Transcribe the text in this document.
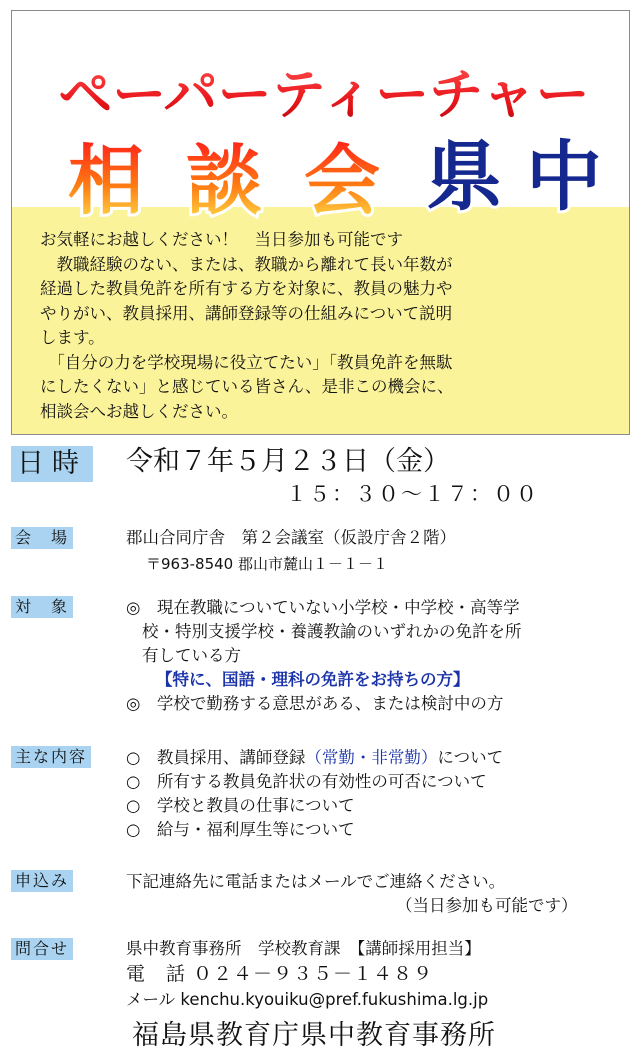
ペーパーティーチャー
相 談 会 県 中

お気軽にお越しください！　当日参加も可能です

　教職経験のない、または、教職から離れて長い年数が

経過した教員免許を所有する方を対象に、教員の魅力や

やりがい、教員採用、講師登録等の仕組みについて説明

します。

　「自分の力を学校現場に役立てたい」「教員免許を無駄

にしたくない」と感じている皆さん、是非この機会に、

相談会へお越しください。

日時 令和７年５月２３日（金）
１５：３０～１７：００
会　場	郡山合同庁舎　第２会議室（仮設庁舎２階）
〒963-8540 郡山市麓山１－１－１
対　象	◎　現在教職についていない小学校・中学校・高等学

校・特別支援学校・養護教諭のいずれかの免許を所

有している方

【特に、国語・理科の免許をお持ちの方】

◎　学校で勤務する意思がある、または検討中の方

主な内容 ○　教員採用、講師登録（常勤・非常勤）について

○　所有する教員免許状の有効性の可否について

○　学校と教員の仕事について

○　給与・福利厚生等について

申込み	下記連絡先に電話またはメールでご連絡ください。
（当日参加も可能です）
問合せ	県中教育事務所　学校教育課　【講師採用担当】
電　話 ０２４－９３５－１４８９
メール kenchu.kyouiku@pref.fukushima.lg.jp
福島県教育庁県中教育事務所
